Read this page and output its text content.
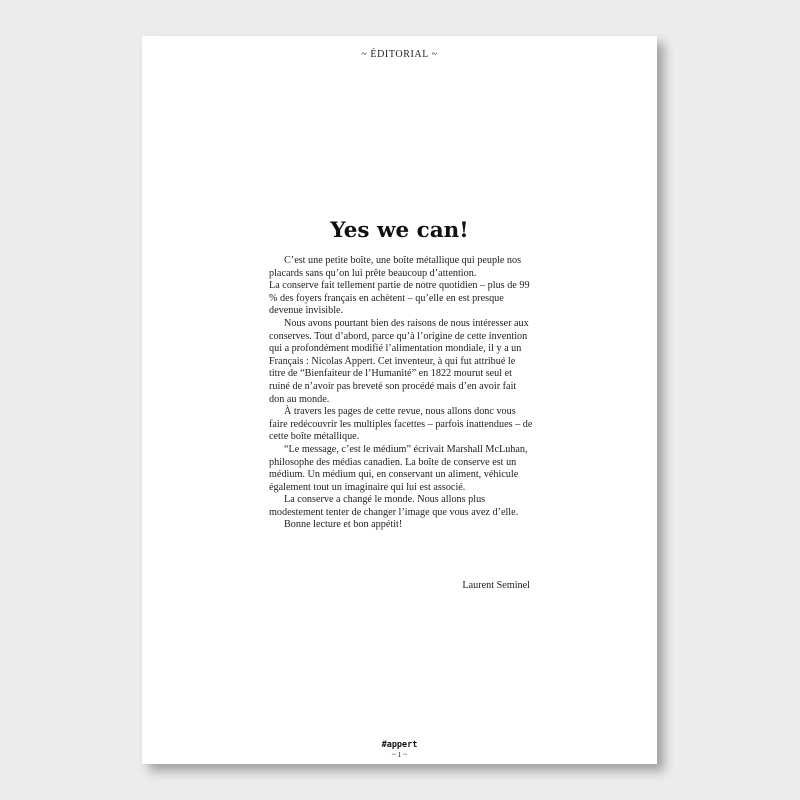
~ ÉDITORIAL ~
Yes we can!

C’est une petite boîte, une boîte métallique qui peuple nos placards sans qu’on lui prête beaucoup d’attention.

La conserve fait tellement partie de notre quotidien – plus de 99 % des foyers français en achètent – qu’elle en est presque devenue invisible.

Nous avons pourtant bien des raisons de nous intéresser aux conserves. Tout d’abord, parce qu’à l’origine de cette invention qui a profondément modifié l’alimentation mondiale, il y a un Français : Nicolas Appert. Cet inventeur, à qui fut attribué le titre de “Bienfaiteur de l’Humanité” en 1822 mourut seul et ruiné de n’avoir pas breveté son procédé mais d’en avoir fait don au monde.

À travers les pages de cette revue, nous allons donc vous faire redécouvrir les multiples facettes – parfois inattendues – de cette boîte métallique.

“Le message, c’est le médium” écrivait Marshall McLuhan, philosophe des médias canadien. La boîte de conserve est un médium. Un médium qui, en conservant un aliment, véhicule également tout un imaginaire qui lui est associé.

La conserve a changé le monde. Nous allons plus modestement tenter de changer l’image que vous avez d’elle.

Bonne lecture et bon appétit!

Laurent Seminel
#appert
~ 1 ~
